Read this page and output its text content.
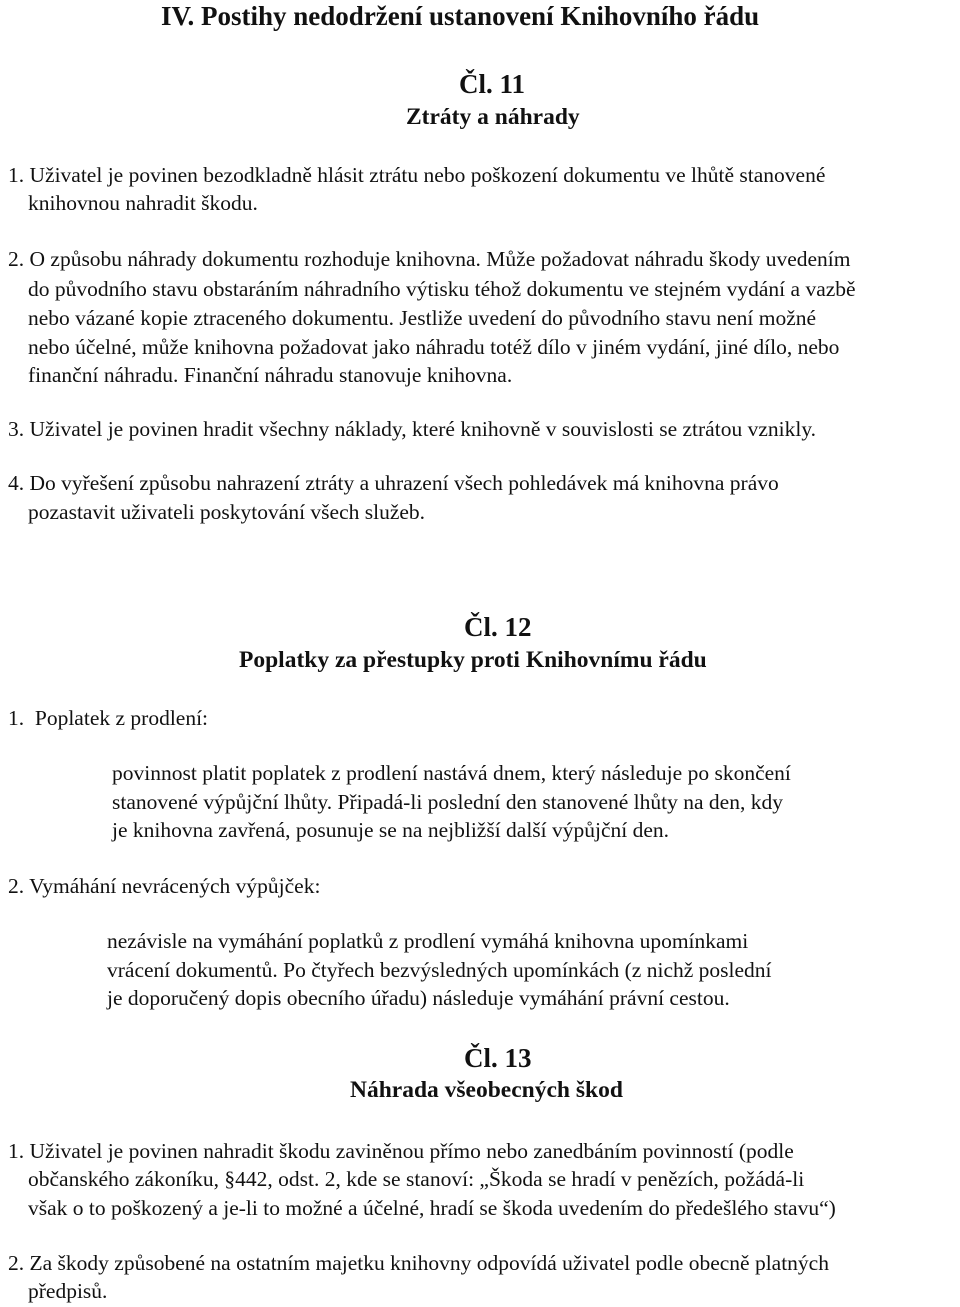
IV. Postihy nedodržení ustanovení Knihovního řádu
Čl. 11
Ztráty a náhrady
1. Uživatel je povinen bezodkladně hlásit ztrátu nebo poškození dokumentu ve lhůtě stanovené
knihovnou nahradit škodu.
2. O způsobu náhrady dokumentu rozhoduje knihovna. Může požadovat náhradu škody uvedením
do původního stavu obstaráním náhradního výtisku téhož dokumentu ve stejném vydání a vazbě
nebo vázané kopie ztraceného dokumentu. Jestliže uvedení do původního stavu není možné
nebo účelné, může knihovna požadovat jako náhradu totéž dílo v jiném vydání, jiné dílo, nebo
finanční náhradu. Finanční náhradu stanovuje knihovna.
3. Uživatel je povinen hradit všechny náklady, které knihovně v souvislosti se ztrátou vznikly.
4. Do vyřešení způsobu nahrazení ztráty a uhrazení všech pohledávek má knihovna právo
pozastavit uživateli poskytování všech služeb.
Čl. 12
Poplatky za přestupky proti Knihovnímu řádu
1.  Poplatek z prodlení:
povinnost platit poplatek z prodlení nastává dnem, který následuje po skončení
stanovené výpůjční lhůty. Připadá-li poslední den stanovené lhůty na den, kdy
je knihovna zavřená, posunuje se na nejbližší další výpůjční den.
2. Vymáhání nevrácených výpůjček:
nezávisle na vymáhání poplatků z prodlení vymáhá knihovna upomínkami
vrácení dokumentů. Po čtyřech bezvýsledných upomínkách (z nichž poslední
je doporučený dopis obecního úřadu) následuje vymáhání právní cestou.
Čl. 13
Náhrada všeobecných škod
1. Uživatel je povinen nahradit škodu zaviněnou přímo nebo zanedbáním povinností (podle
občanského zákoníku, §442, odst. 2, kde se stanoví: „Škoda se hradí v penězích, požádá-li
však o to poškozený a je-li to možné a účelné, hradí se škoda uvedením do předešlého stavu“)
2. Za škody způsobené na ostatním majetku knihovny odpovídá uživatel podle obecně platných
předpisů.
